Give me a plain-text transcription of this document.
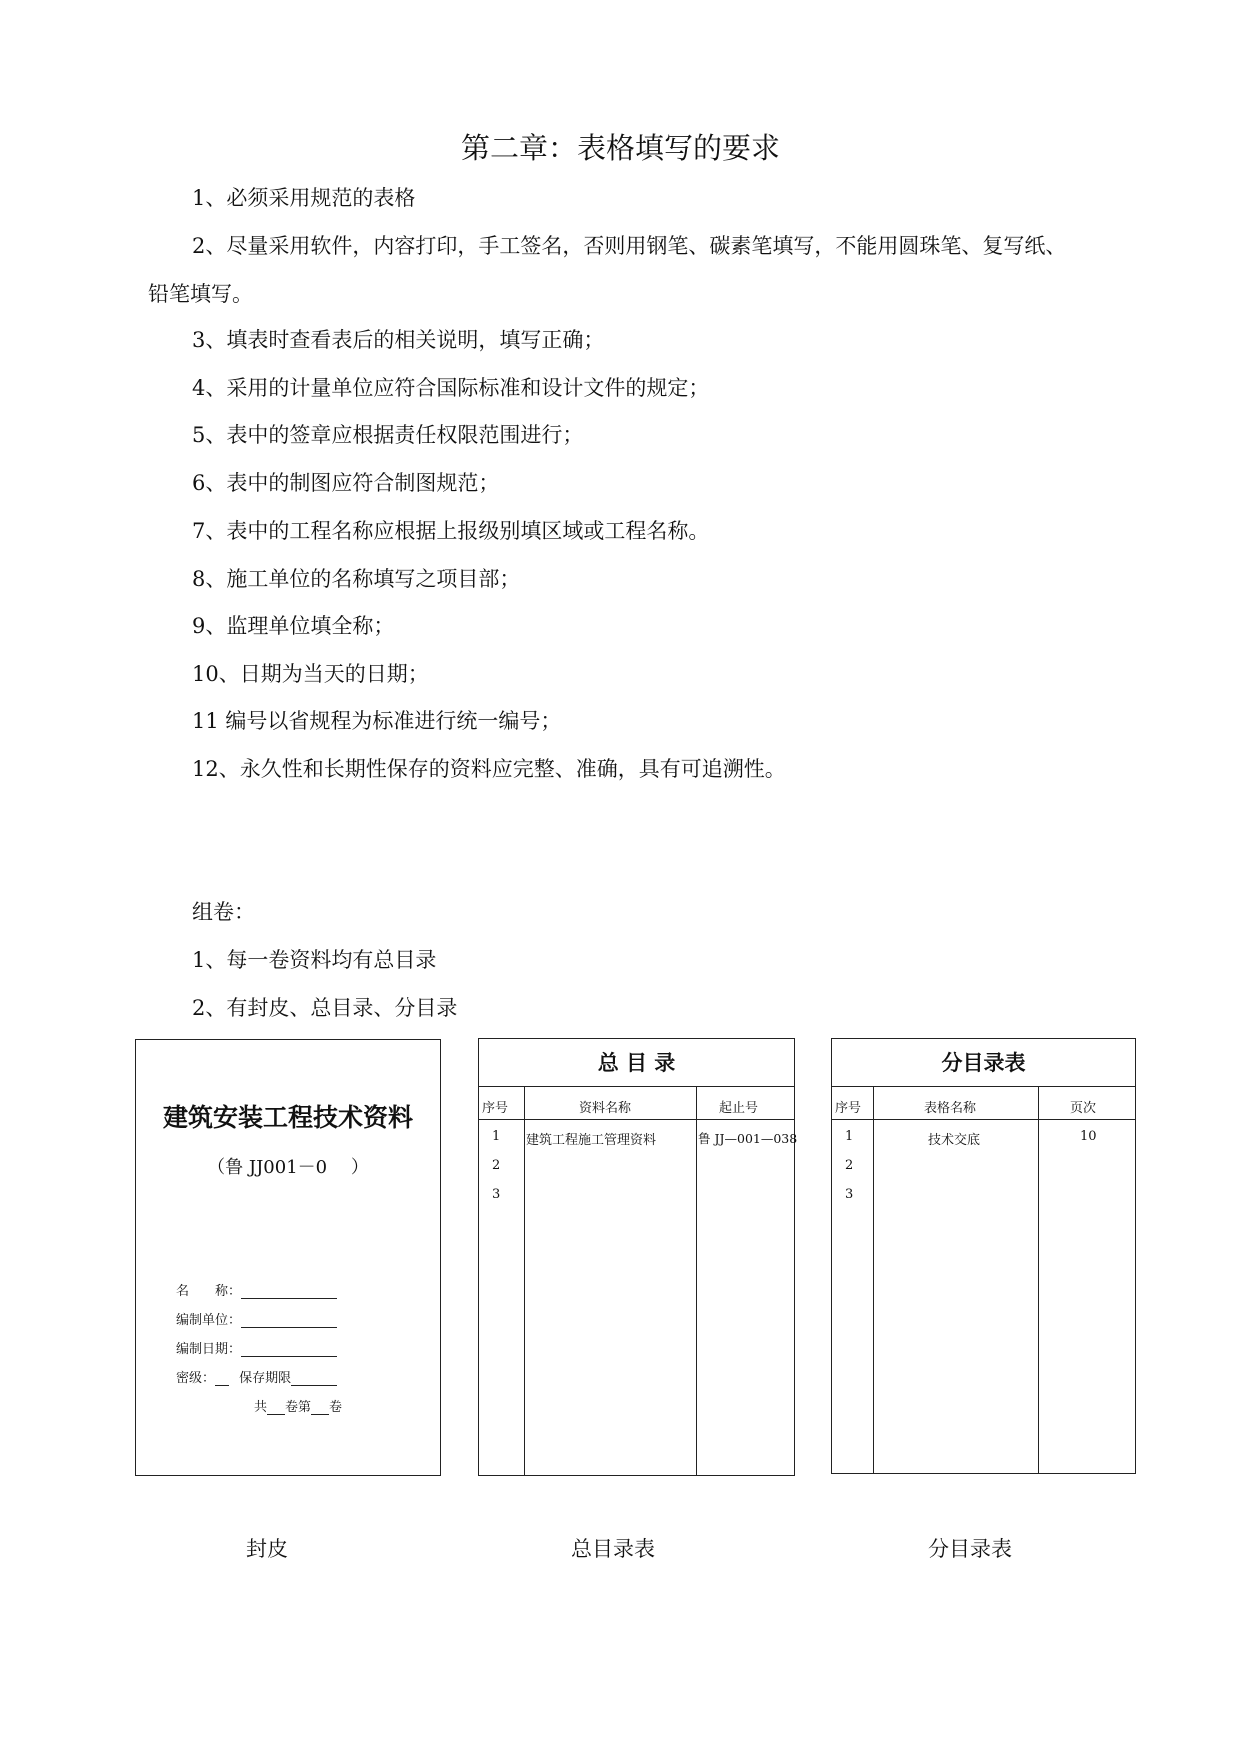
第二章：表格填写的要求
1、必须采用规范的表格
2、尽量采用软件，内容打印，手工签名，否则用钢笔、碳素笔填写，不能用圆珠笔、复写纸、
铅笔填写。
3、填表时查看表后的相关说明，填写正确；
4、采用的计量单位应符合国际标准和设计文件的规定；
5、表中的签章应根据责任权限范围进行；
6、表中的制图应符合制图规范；
7、表中的工程名称应根据上报级别填区域或工程名称。
8、施工单位的名称填写之项目部；
9、监理单位填全称；
10、日期为当天的日期；
11 编号以省规程为标准进行统一编号；
12、永久性和长期性保存的资料应完整、准确，具有可追溯性。
组卷：
1、每一卷资料均有总目录
2、有封皮、总目录、分目录
建筑安装工程技术资料
（鲁 JJ001－0　 ）
名　　称：
编制单位：
编制日期：
密级： 保存期限
共 卷第 卷
总 目 录
序号	资料名称	起止号
1 建筑工程施工管理资料	鲁 JJ—001—038
2
3
分目录表
序号	表格名称	页次
1	技术交底	10
2
3
封皮	总目录表	分目录表
